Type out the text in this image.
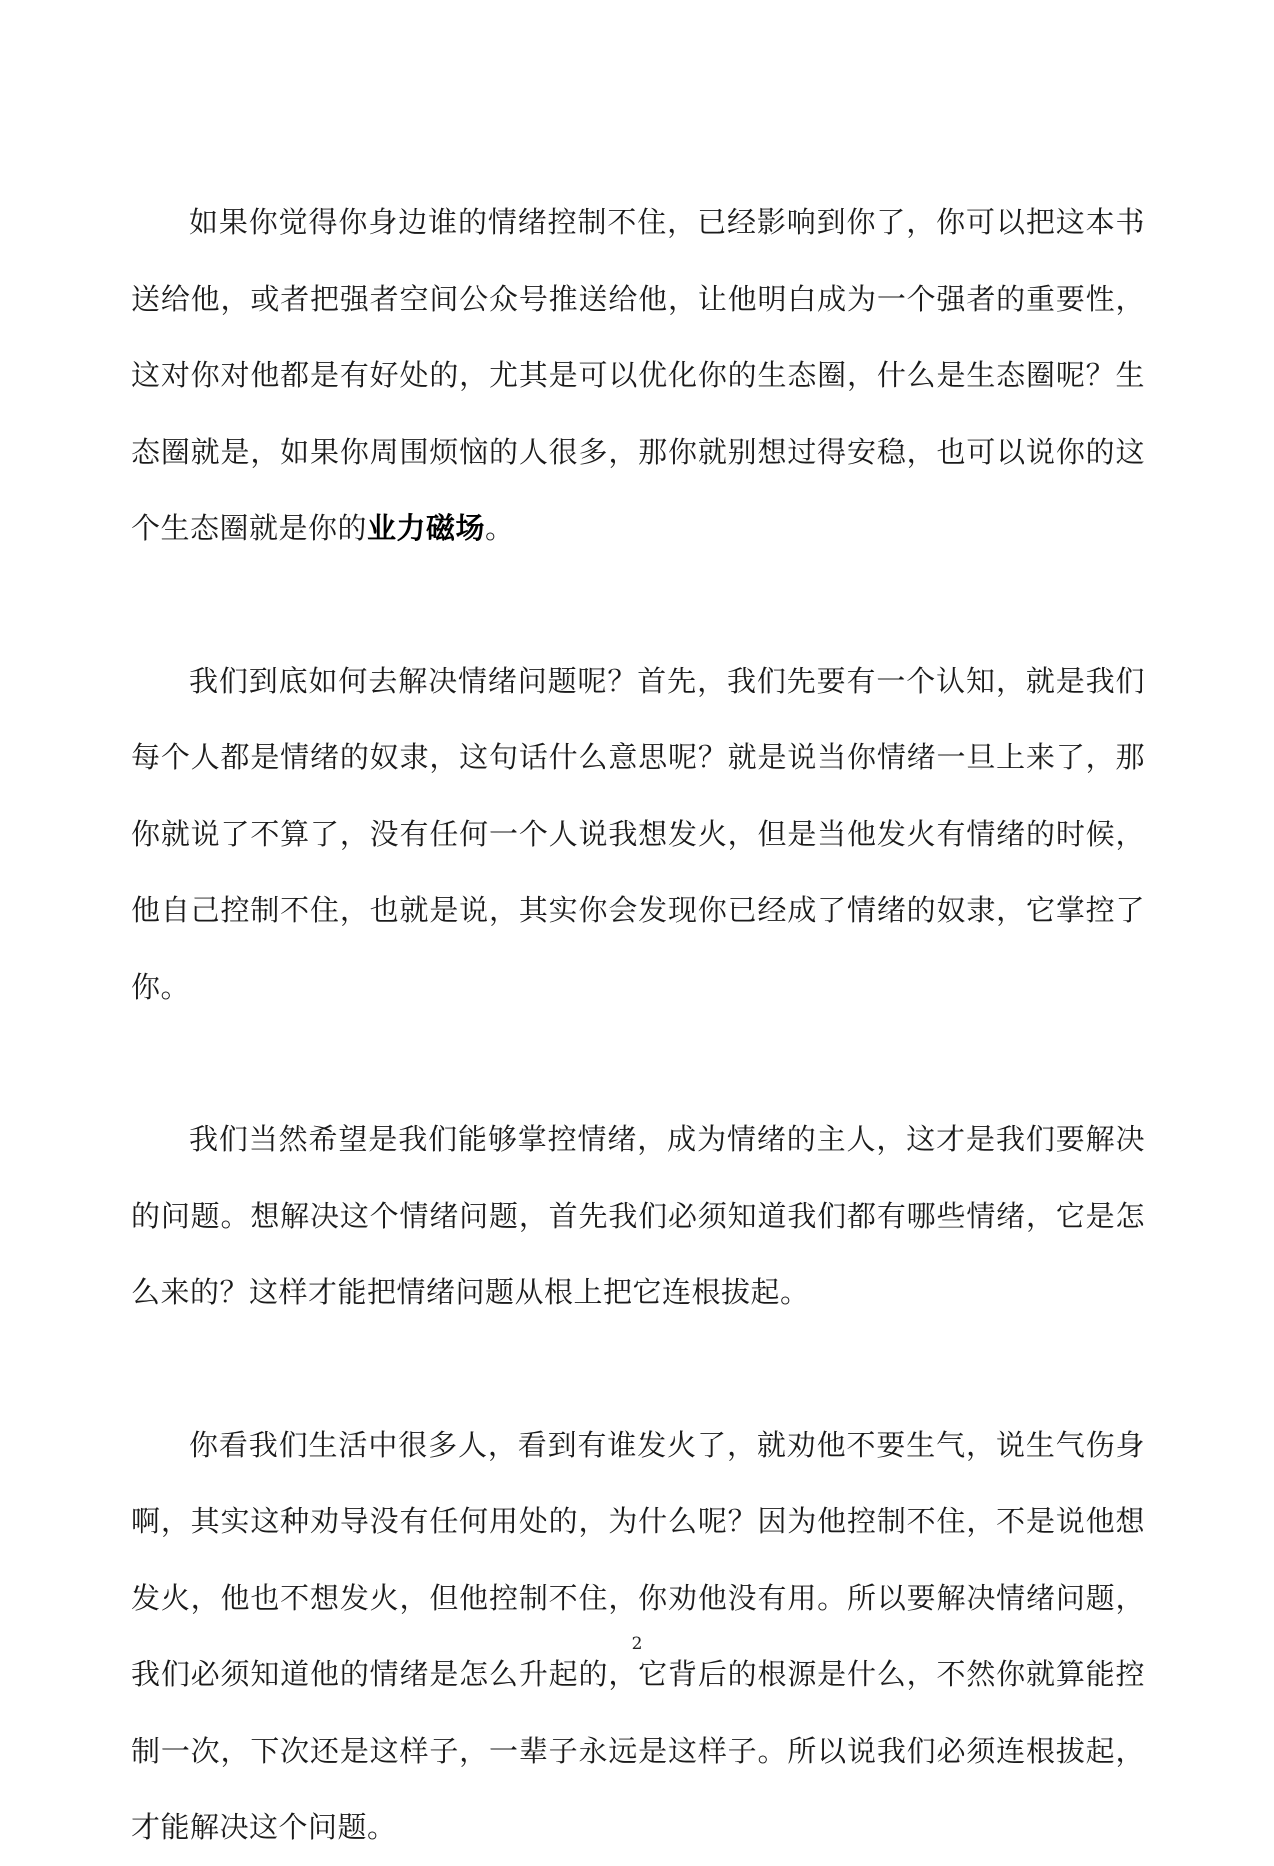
如果你觉得你身边谁的情绪控制不住，已经影响到你了，你可以把这本书送给他，或者把强者空间公众号推送给他，让他明白成为一个强者的重要性，这对你对他都是有好处的，尤其是可以优化你的生态圈，什么是生态圈呢？生态圈就是，如果你周围烦恼的人很多，那你就别想过得安稳，也可以说你的这个生态圈就是你的业力磁场。

我们到底如何去解决情绪问题呢？首先，我们先要有一个认知，就是我们每个人都是情绪的奴隶，这句话什么意思呢？就是说当你情绪一旦上来了，那你就说了不算了，没有任何一个人说我想发火，但是当他发火有情绪的时候，他自己控制不住，也就是说，其实你会发现你已经成了情绪的奴隶，它掌控了你。

我们当然希望是我们能够掌控情绪，成为情绪的主人，这才是我们要解决的问题。想解决这个情绪问题，首先我们必须知道我们都有哪些情绪，它是怎么来的？这样才能把情绪问题从根上把它连根拔起。

你看我们生活中很多人，看到有谁发火了，就劝他不要生气，说生气伤身啊，其实这种劝导没有任何用处的，为什么呢？因为他控制不住，不是说他想发火，他也不想发火，但他控制不住，你劝他没有用。所以要解决情绪问题，我们必须知道他的情绪是怎么升起的，它背后的根源是什么，不然你就算能控制一次，下次还是这样子，一辈子永远是这样子。所以说我们必须连根拔起，才能解决这个问题。

2
